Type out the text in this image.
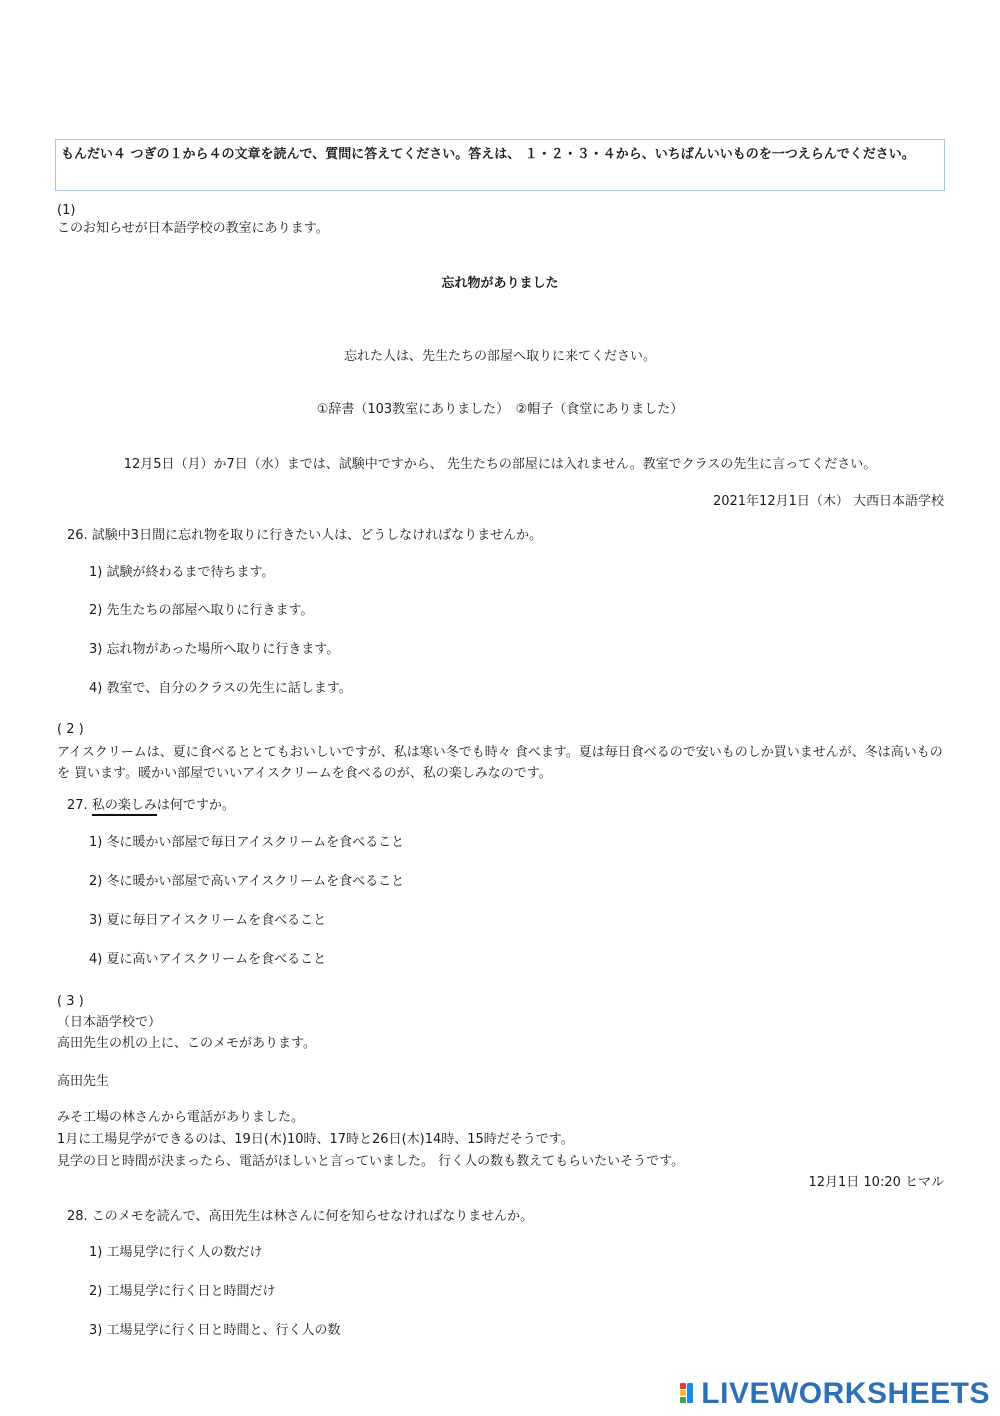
もんだい４ つぎの１から４の文章を読んで、質問に答えてください。答えは、 １・２・３・４から、いちばんいいものを一つえらんでください。
(1)
このお知らせが日本語学校の教室にあります。
忘れ物がありました
忘れた人は、先生たちの部屋へ取りに来てください。
①辞書（103教室にありました）　②帽子（食堂にありました）
12月5日（月）か7日（水）までは、試験中ですから、 先生たちの部屋には入れません。教室でクラスの先生に言ってください。
2021年12月1日（木） 大西日本語学校
26. 試験中3日間に忘れ物を取りに行きたい人は、どうしなければなりませんか。
1) 試験が終わるまで待ちます。
2) 先生たちの部屋へ取りに行きます。
3) 忘れ物があった場所へ取りに行きます。
4) 教室で、自分のクラスの先生に話します。
( 2 )
アイスクリームは、夏に食べるととてもおいしいですが、私は寒い冬でも時々 食べます。夏は毎日食べるので安いものしか買いませんが、冬は高いものを 買います。暖かい部屋でいいアイスクリームを食べるのが、私の楽しみなのです。
27. 私の楽しみは何ですか。
1) 冬に暖かい部屋で毎日アイスクリームを食べること
2) 冬に暖かい部屋で高いアイスクリームを食べること
3) 夏に毎日アイスクリームを食べること
4) 夏に高いアイスクリームを食べること
( 3 )
（日本語学校で）
高田先生の机の上に、このメモがあります。
高田先生
みそ工場の林さんから電話がありました。
1月に工場見学ができるのは、19日(木)10時、17時と26日(木)14時、15時だそうです。
見学の日と時間が決まったら、電話がほしいと言っていました。 行く人の数も教えてもらいたいそうです。
12月1日 10:20 ヒマル
28. このメモを読んで、高田先生は林さんに何を知らせなければなりませんか。
1) 工場見学に行く人の数だけ
2) 工場見学に行く日と時間だけ
3) 工場見学に行く日と時間と、行く人の数
LIVEWORKSHEETS
